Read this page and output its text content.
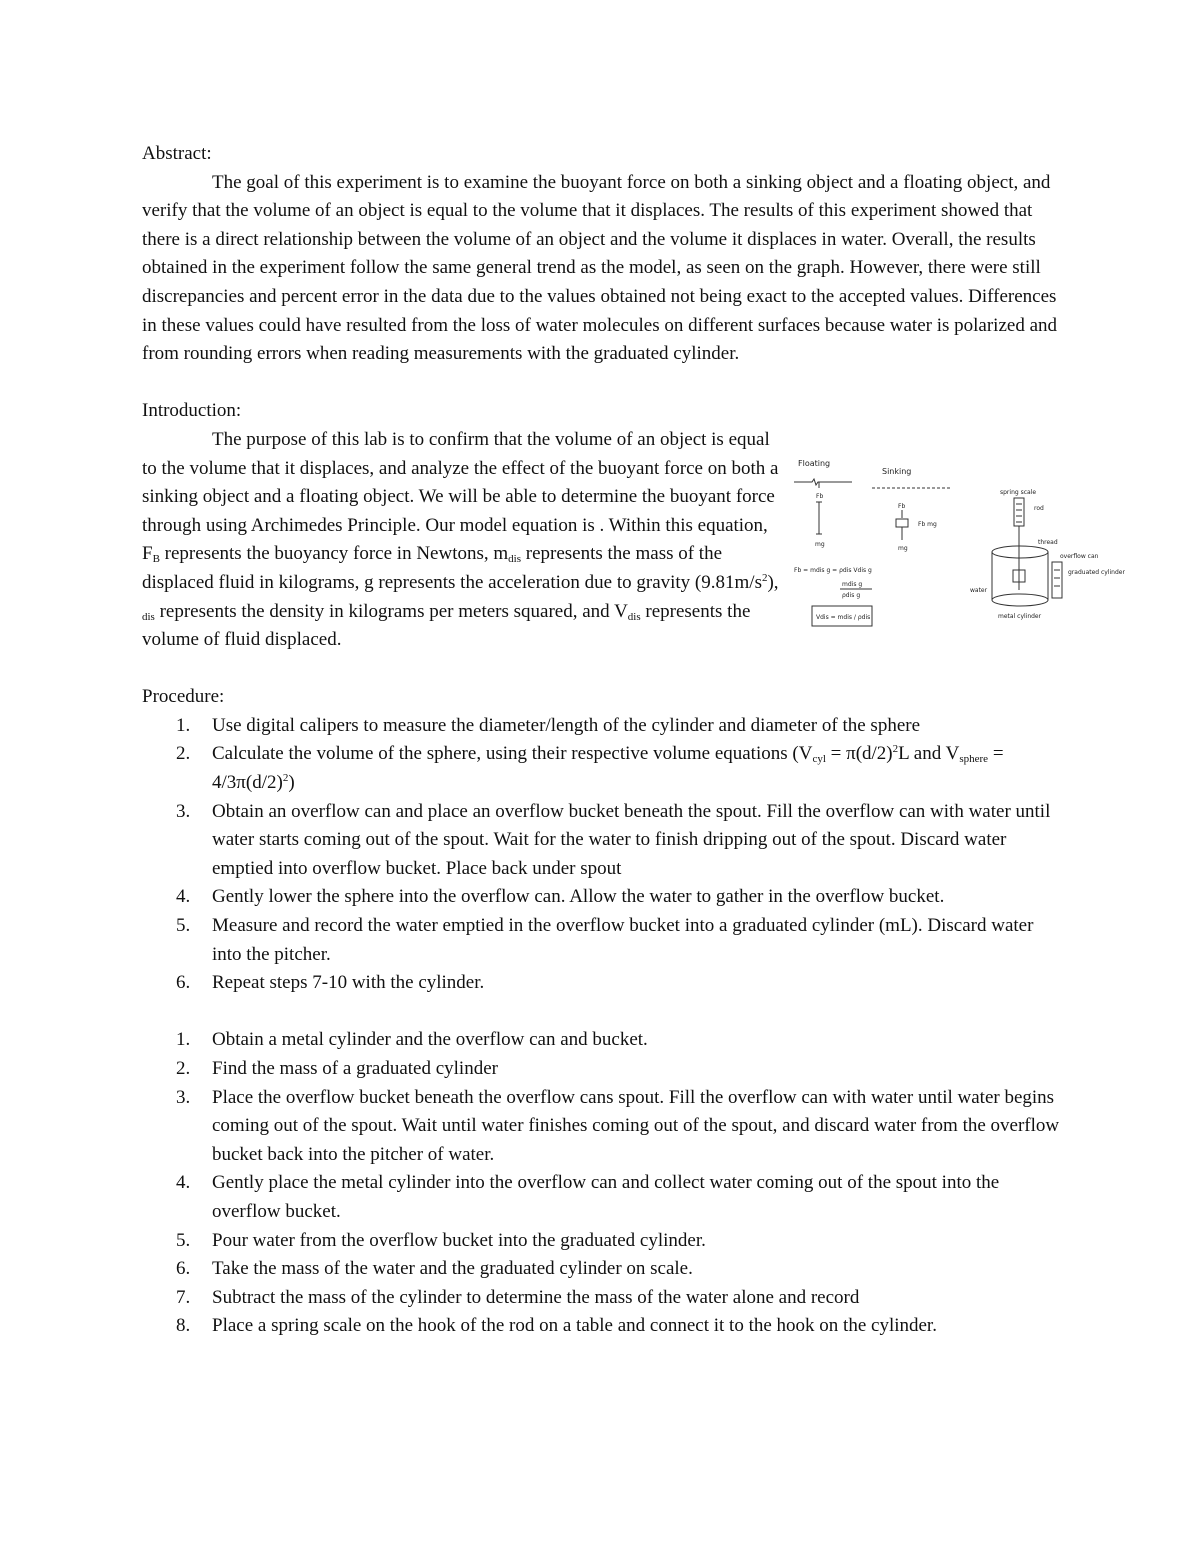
Abstract:

The goal of this experiment is to examine the buoyant force on both a sinking object and a floating object, and verify that the volume of an object is equal to the volume that it displaces. The results of this experiment showed that there is a direct relationship between the volume of an object and the volume it displaces in water. Overall, the results obtained in the experiment follow the same general trend as the model, as seen on the graph. However, there were still discrepancies and percent error in the data due to the values obtained not being exact to the accepted values. Differences in these values could have resulted from the loss of water molecules on different surfaces because water is polarized and from rounding errors when reading measurements with the graduated cylinder.

Introduction:

The purpose of this lab is to confirm that the volume of an object is equal to the volume that it displaces, and analyze the effect of the buoyant force on both a sinking object and a floating object. We will be able to determine the buoyant force through using Archimedes Principle. Our model equation is . Within this equation, $F_B$ represents the buoyancy force in Newtons, $m_{dis}$ represents the mass of the displaced fluid in kilograms, g represents the acceleration due to gravity $(9.81m/s^2)$, $_{dis}$ represents the density in kilograms per meters squared, and $V_{dis}$ represents the volume of fluid displaced.

Floating
Fb
mg
Sinking
Fb
mg
Fb mg
Fb = mdis g = ρdis Vdis g
mdis g
ρdis g
Vdis = mdis / ρdis
spring scale
rod
thread
overflow can
graduated cylinder
water
metal cylinder

Procedure:

1. Use digital calipers to measure the diameter/length of the cylinder and diameter of the sphere
2. Calculate the volume of the sphere, using their respective volume equations ($V_{cyl} = \pi(d/2)^2L$ and $V_{sphere} = 4/3\pi(d/2)^2$)
3. Obtain an overflow can and place an overflow bucket beneath the spout. Fill the overflow can with water until water starts coming out of the spout. Wait for the water to finish dripping out of the spout. Discard water emptied into overflow bucket. Place back under spout
4. Gently lower the sphere into the overflow can. Allow the water to gather in the overflow bucket.
5. Measure and record the water emptied in the overflow bucket into a graduated cylinder (mL). Discard water into the pitcher.
6. Repeat steps 7-10 with the cylinder.
1. Obtain a metal cylinder and the overflow can and bucket.
2. Find the mass of a graduated cylinder
3. Place the overflow bucket beneath the overflow cans spout. Fill the overflow can with water until water begins coming out of the spout. Wait until water finishes coming out of the spout, and discard water from the overflow bucket back into the pitcher of water.
4. Gently place the metal cylinder into the overflow can and collect water coming out of the spout into the overflow bucket.
5. Pour water from the overflow bucket into the graduated cylinder.
6. Take the mass of the water and the graduated cylinder on scale.
7. Subtract the mass of the cylinder to determine the mass of the water alone and record
8. Place a spring scale on the hook of the rod on a table and connect it to the hook on the cylinder.
